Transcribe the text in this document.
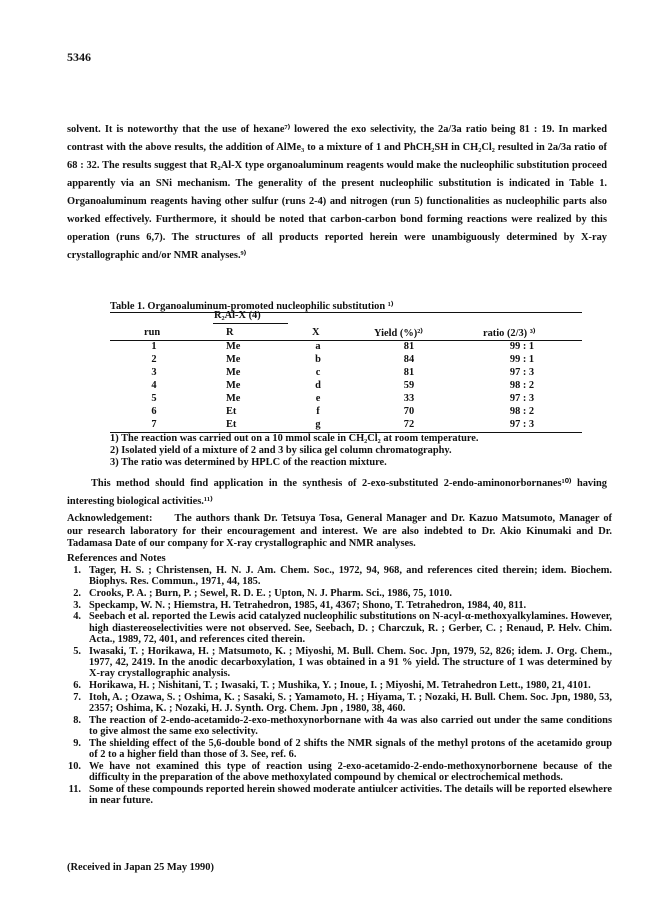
5346
solvent. It is noteworthy that the use of hexane⁷⁾ lowered the exo selectivity, the 2a/3a ratio being 81 : 19. In marked contrast with the above results, the addition of AlMe₃ to a mixture of 1 and PhCH₂SH in CH₂Cl₂ resulted in 2a/3a ratio of 68 : 32. The results suggest that R₂Al-X type organoaluminum reagents would make the nucleophilic substitution proceed apparently via an SNi mechanism. The generality of the present nucleophilic substitution is indicated in Table 1. Organoaluminum reagents having other sulfur (runs 2-4) and nitrogen (run 5) functionalities as nucleophilic parts also worked effectively. Furthermore, it should be noted that carbon-carbon bond forming reactions were realized by this operation (runs 6,7). The structures of all products reported herein were unambiguously determined by X-ray crystallographic and/or NMR analyses.⁹⁾
Table 1. Organoaluminum-promoted nucleophilic substitution ¹⁾
R₂Al-X (4)
run	R	X	Yield (%)²⁾	ratio (2/3) ³⁾
1	Me	a	81	99 : 1
2	Me	b	84	99 : 1
3	Me	c	81	97 : 3
4	Me	d	59	98 : 2
5	Me	e	33	97 : 3
6	Et	f	70	98 : 2
7	Et	g	72	97 : 3
1) The reaction was carried out on a 10 mmol scale in CH₂Cl₂ at room temperature.
2) Isolated yield of a mixture of 2 and 3 by silica gel column chromatography.
3) The ratio was determined by HPLC of the reaction mixture.
This method should find application in the synthesis of 2-exo-substituted 2-endo-aminonorbornanes¹⁰⁾ having interesting biological activities.¹¹⁾
Acknowledgement: The authors thank Dr. Tetsuya Tosa, General Manager and Dr. Kazuo Matsumoto, Manager of our research laboratory for their encouragement and interest. We are also indebted to Dr. Akio Kinumaki and Dr. Tadamasa Date of our company for X-ray crystallographic and NMR analyses.
References and Notes
1. Tager, H. S. ; Christensen, H. N. J. Am. Chem. Soc., 1972, 94, 968, and references cited therein; idem. Biochem. Biophys. Res. Commun., 1971, 44, 185.
2. Crooks, P. A. ; Burn, P. ; Sewel, R. D. E. ; Upton, N. J. Pharm. Sci., 1986, 75, 1010.
3. Speckamp, W. N. ; Hiemstra, H. Tetrahedron, 1985, 41, 4367; Shono, T. Tetrahedron, 1984, 40, 811.
4. Seebach et al. reported the Lewis acid catalyzed nucleophilic substitutions on N-acyl-α-methoxyalkylamines. However, high diastereoselectivities were not observed. See, Seebach, D. ; Charczuk, R. ; Gerber, C. ; Renaud, P. Helv. Chim. Acta., 1989, 72, 401, and references cited therein.
5. Iwasaki, T. ; Horikawa, H. ; Matsumoto, K. ; Miyoshi, M. Bull. Chem. Soc. Jpn, 1979, 52, 826; idem. J. Org. Chem., 1977, 42, 2419. In the anodic decarboxylation, 1 was obtained in a 91 % yield. The structure of 1 was determined by X-ray crystallographic analysis.
6. Horikawa, H. ; Nishitani, T. ; Iwasaki, T. ; Mushika, Y. ; Inoue, I. ; Miyoshi, M. Tetrahedron Lett., 1980, 21, 4101.
7. Itoh, A. ; Ozawa, S. ; Oshima, K. ; Sasaki, S. ; Yamamoto, H. ; Hiyama, T. ; Nozaki, H. Bull. Chem. Soc. Jpn, 1980, 53, 2357; Oshima, K. ; Nozaki, H. J. Synth. Org. Chem. Jpn , 1980, 38, 460.
8. The reaction of 2-endo-acetamido-2-exo-methoxynorbornane with 4a was also carried out under the same conditions to give almost the same exo selectivity.
9. The shielding effect of the 5,6-double bond of 2 shifts the NMR signals of the methyl protons of the acetamido group of 2 to a higher field than those of 3. See, ref. 6.
10. We have not examined this type of reaction using 2-exo-acetamido-2-endo-methoxynorbornene because of the difficulty in the preparation of the above methoxylated compound by chemical or electrochemical methods.
11. Some of these compounds reported herein showed moderate antiulcer activities. The details will be reported elsewhere in near future.
(Received in Japan 25 May 1990)
